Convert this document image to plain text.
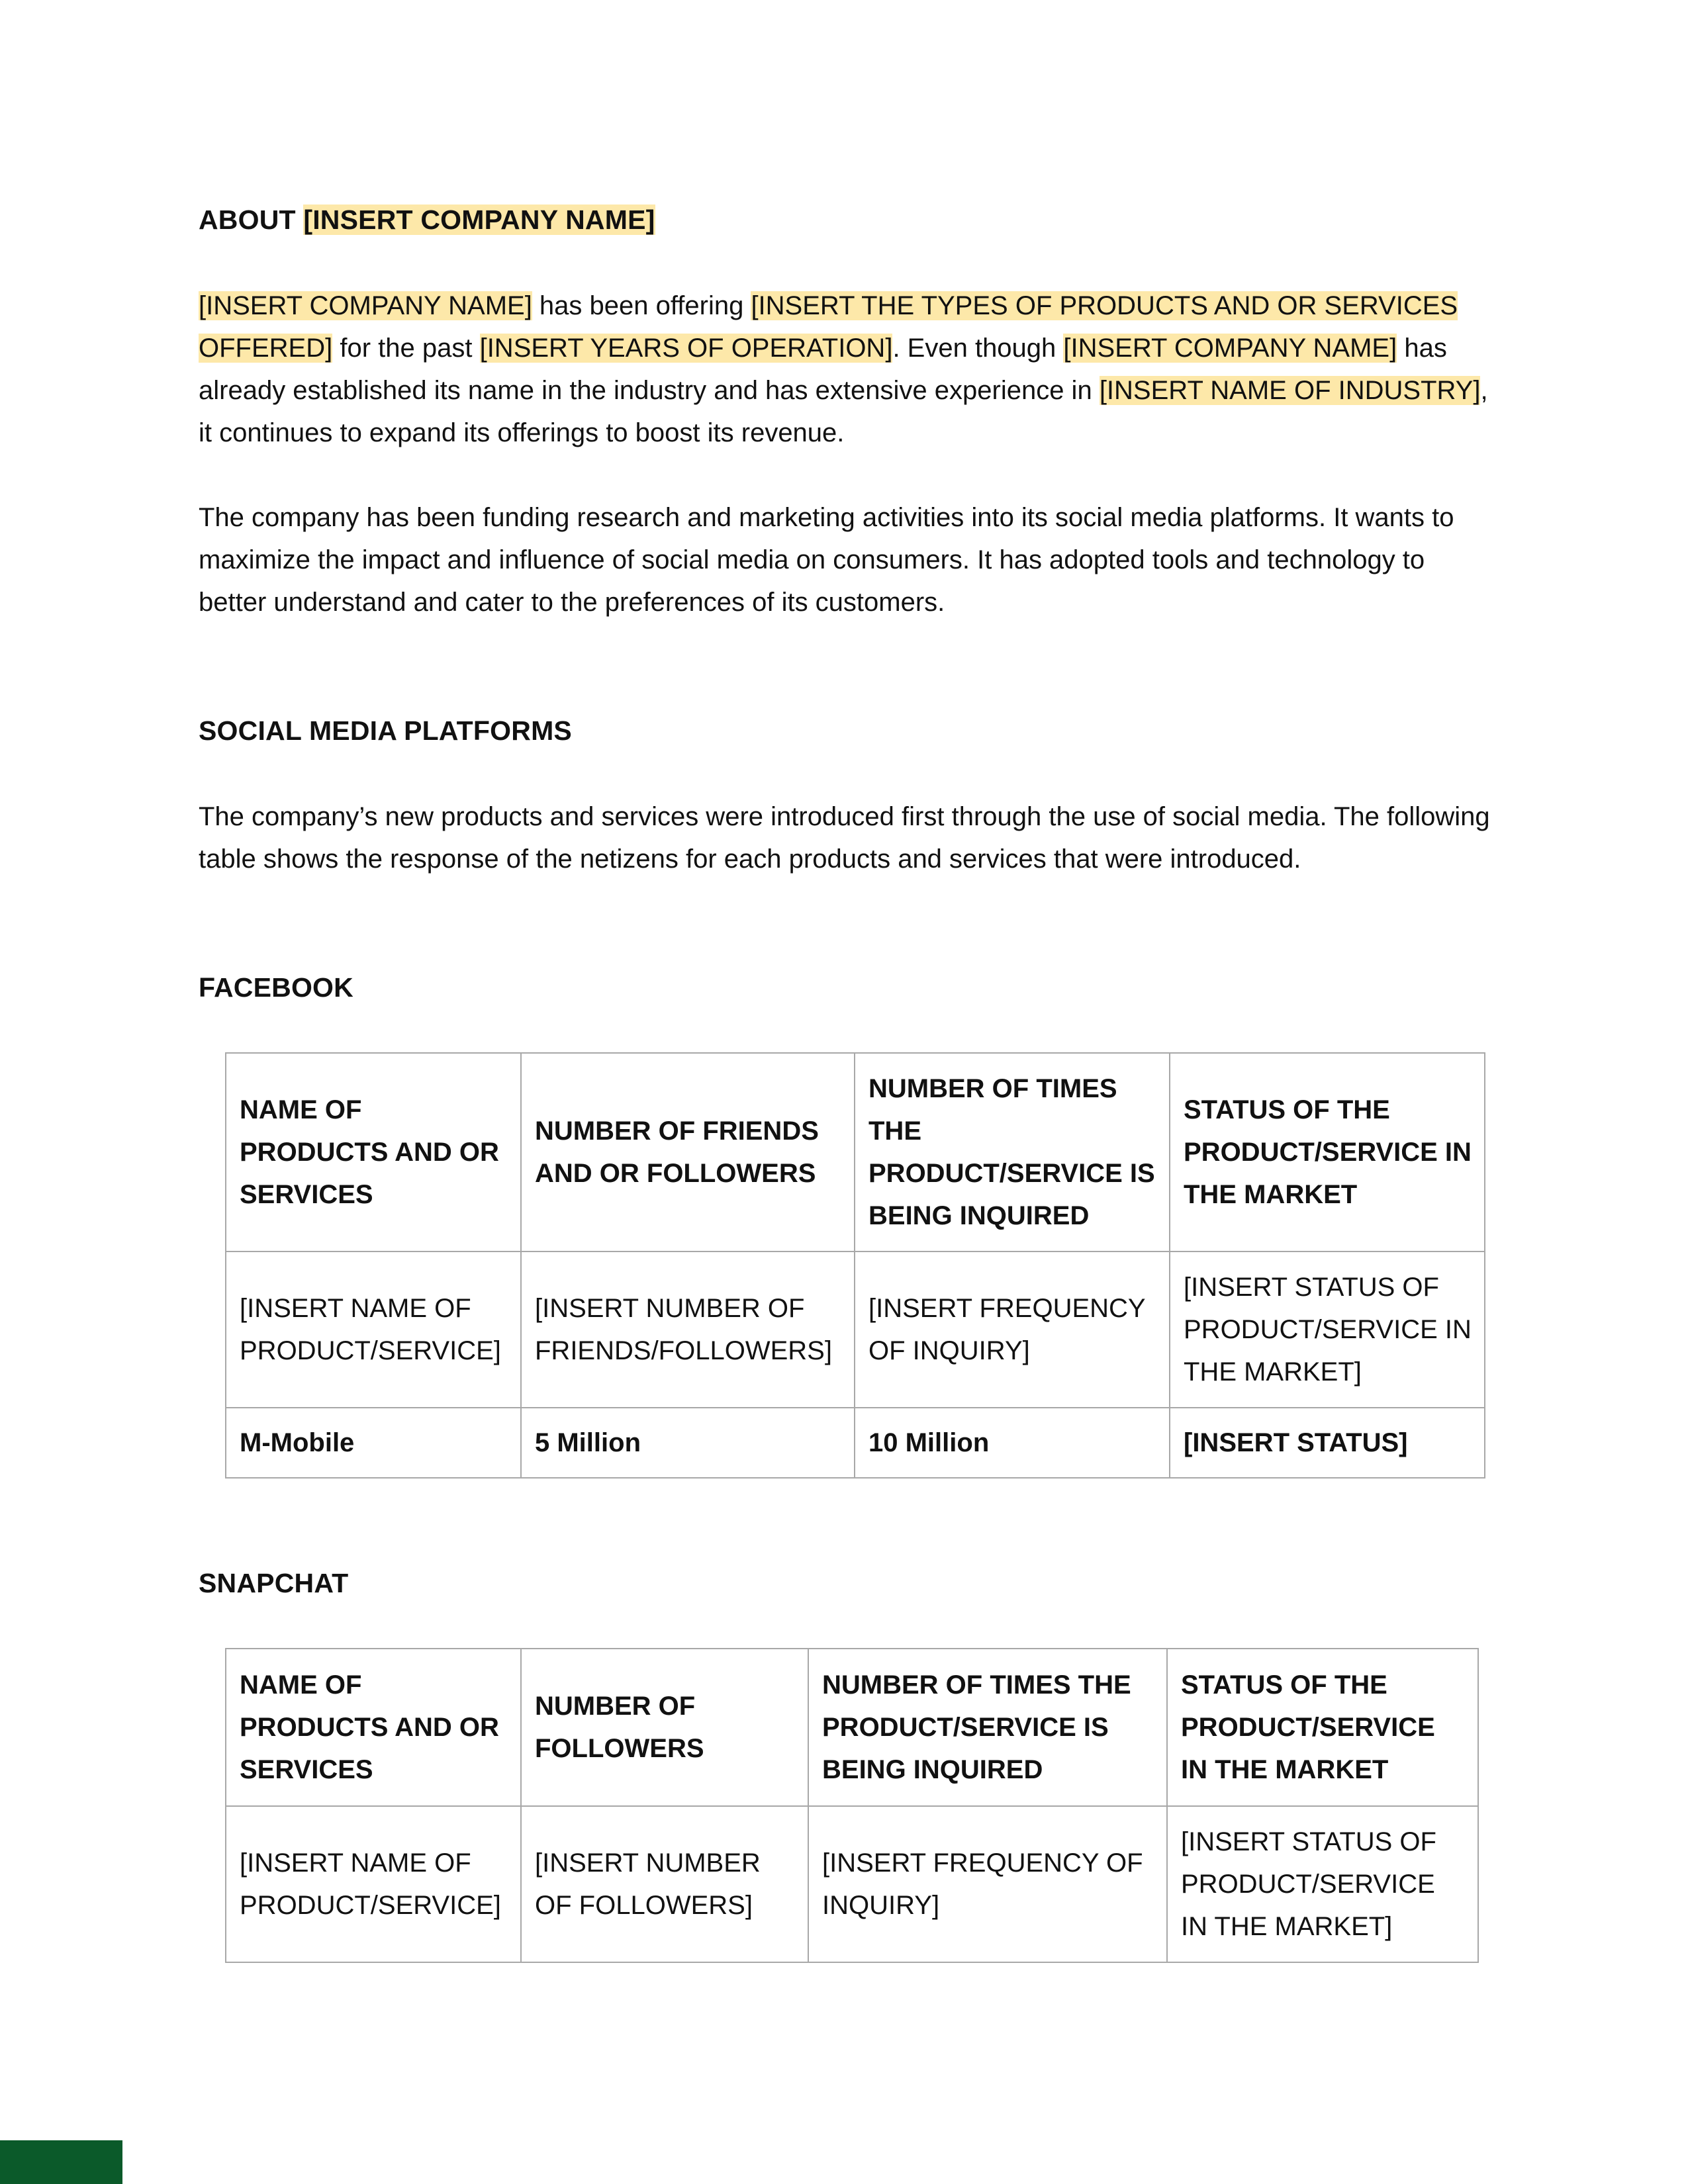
ABOUT [INSERT COMPANY NAME]

[INSERT COMPANY NAME] has been offering [INSERT THE TYPES OF PRODUCTS AND OR SERVICES OFFERED] for the past [INSERT YEARS OF OPERATION]. Even though [INSERT COMPANY NAME] has already established its name in the industry and has extensive experience in [INSERT NAME OF INDUSTRY], it continues to expand its offerings to boost its revenue.

The company has been funding research and marketing activities into its social media platforms. It wants to maximize the impact and influence of social media on consumers. It has adopted tools and technology to better understand and cater to the preferences of its customers.

SOCIAL MEDIA PLATFORMS

The company’s new products and services were introduced first through the use of social media. The following table shows the response of the netizens for each products and services that were introduced.

FACEBOOK
NAME OF PRODUCTS AND OR SERVICES	NUMBER OF FRIENDS AND OR FOLLOWERS	NUMBER OF TIMES THE PRODUCT/SERVICE IS BEING INQUIRED	STATUS OF THE PRODUCT/SERVICE IN THE MARKET
[INSERT NAME OF PRODUCT/SERVICE]	[INSERT NUMBER OF FRIENDS/FOLLOWERS]	[INSERT FREQUENCY OF INQUIRY]	[INSERT STATUS OF PRODUCT/SERVICE IN THE MARKET]
M-Mobile	5 Million	10 Million	[INSERT STATUS]
SNAPCHAT
NAME OF PRODUCTS AND OR SERVICES	NUMBER OF FOLLOWERS	NUMBER OF TIMES THE PRODUCT/SERVICE IS BEING INQUIRED	STATUS OF THE PRODUCT/SERVICE IN THE MARKET
[INSERT NAME OF PRODUCT/SERVICE]	[INSERT NUMBER OF FOLLOWERS]	[INSERT FREQUENCY OF INQUIRY]	[INSERT STATUS OF PRODUCT/SERVICE IN THE MARKET]
